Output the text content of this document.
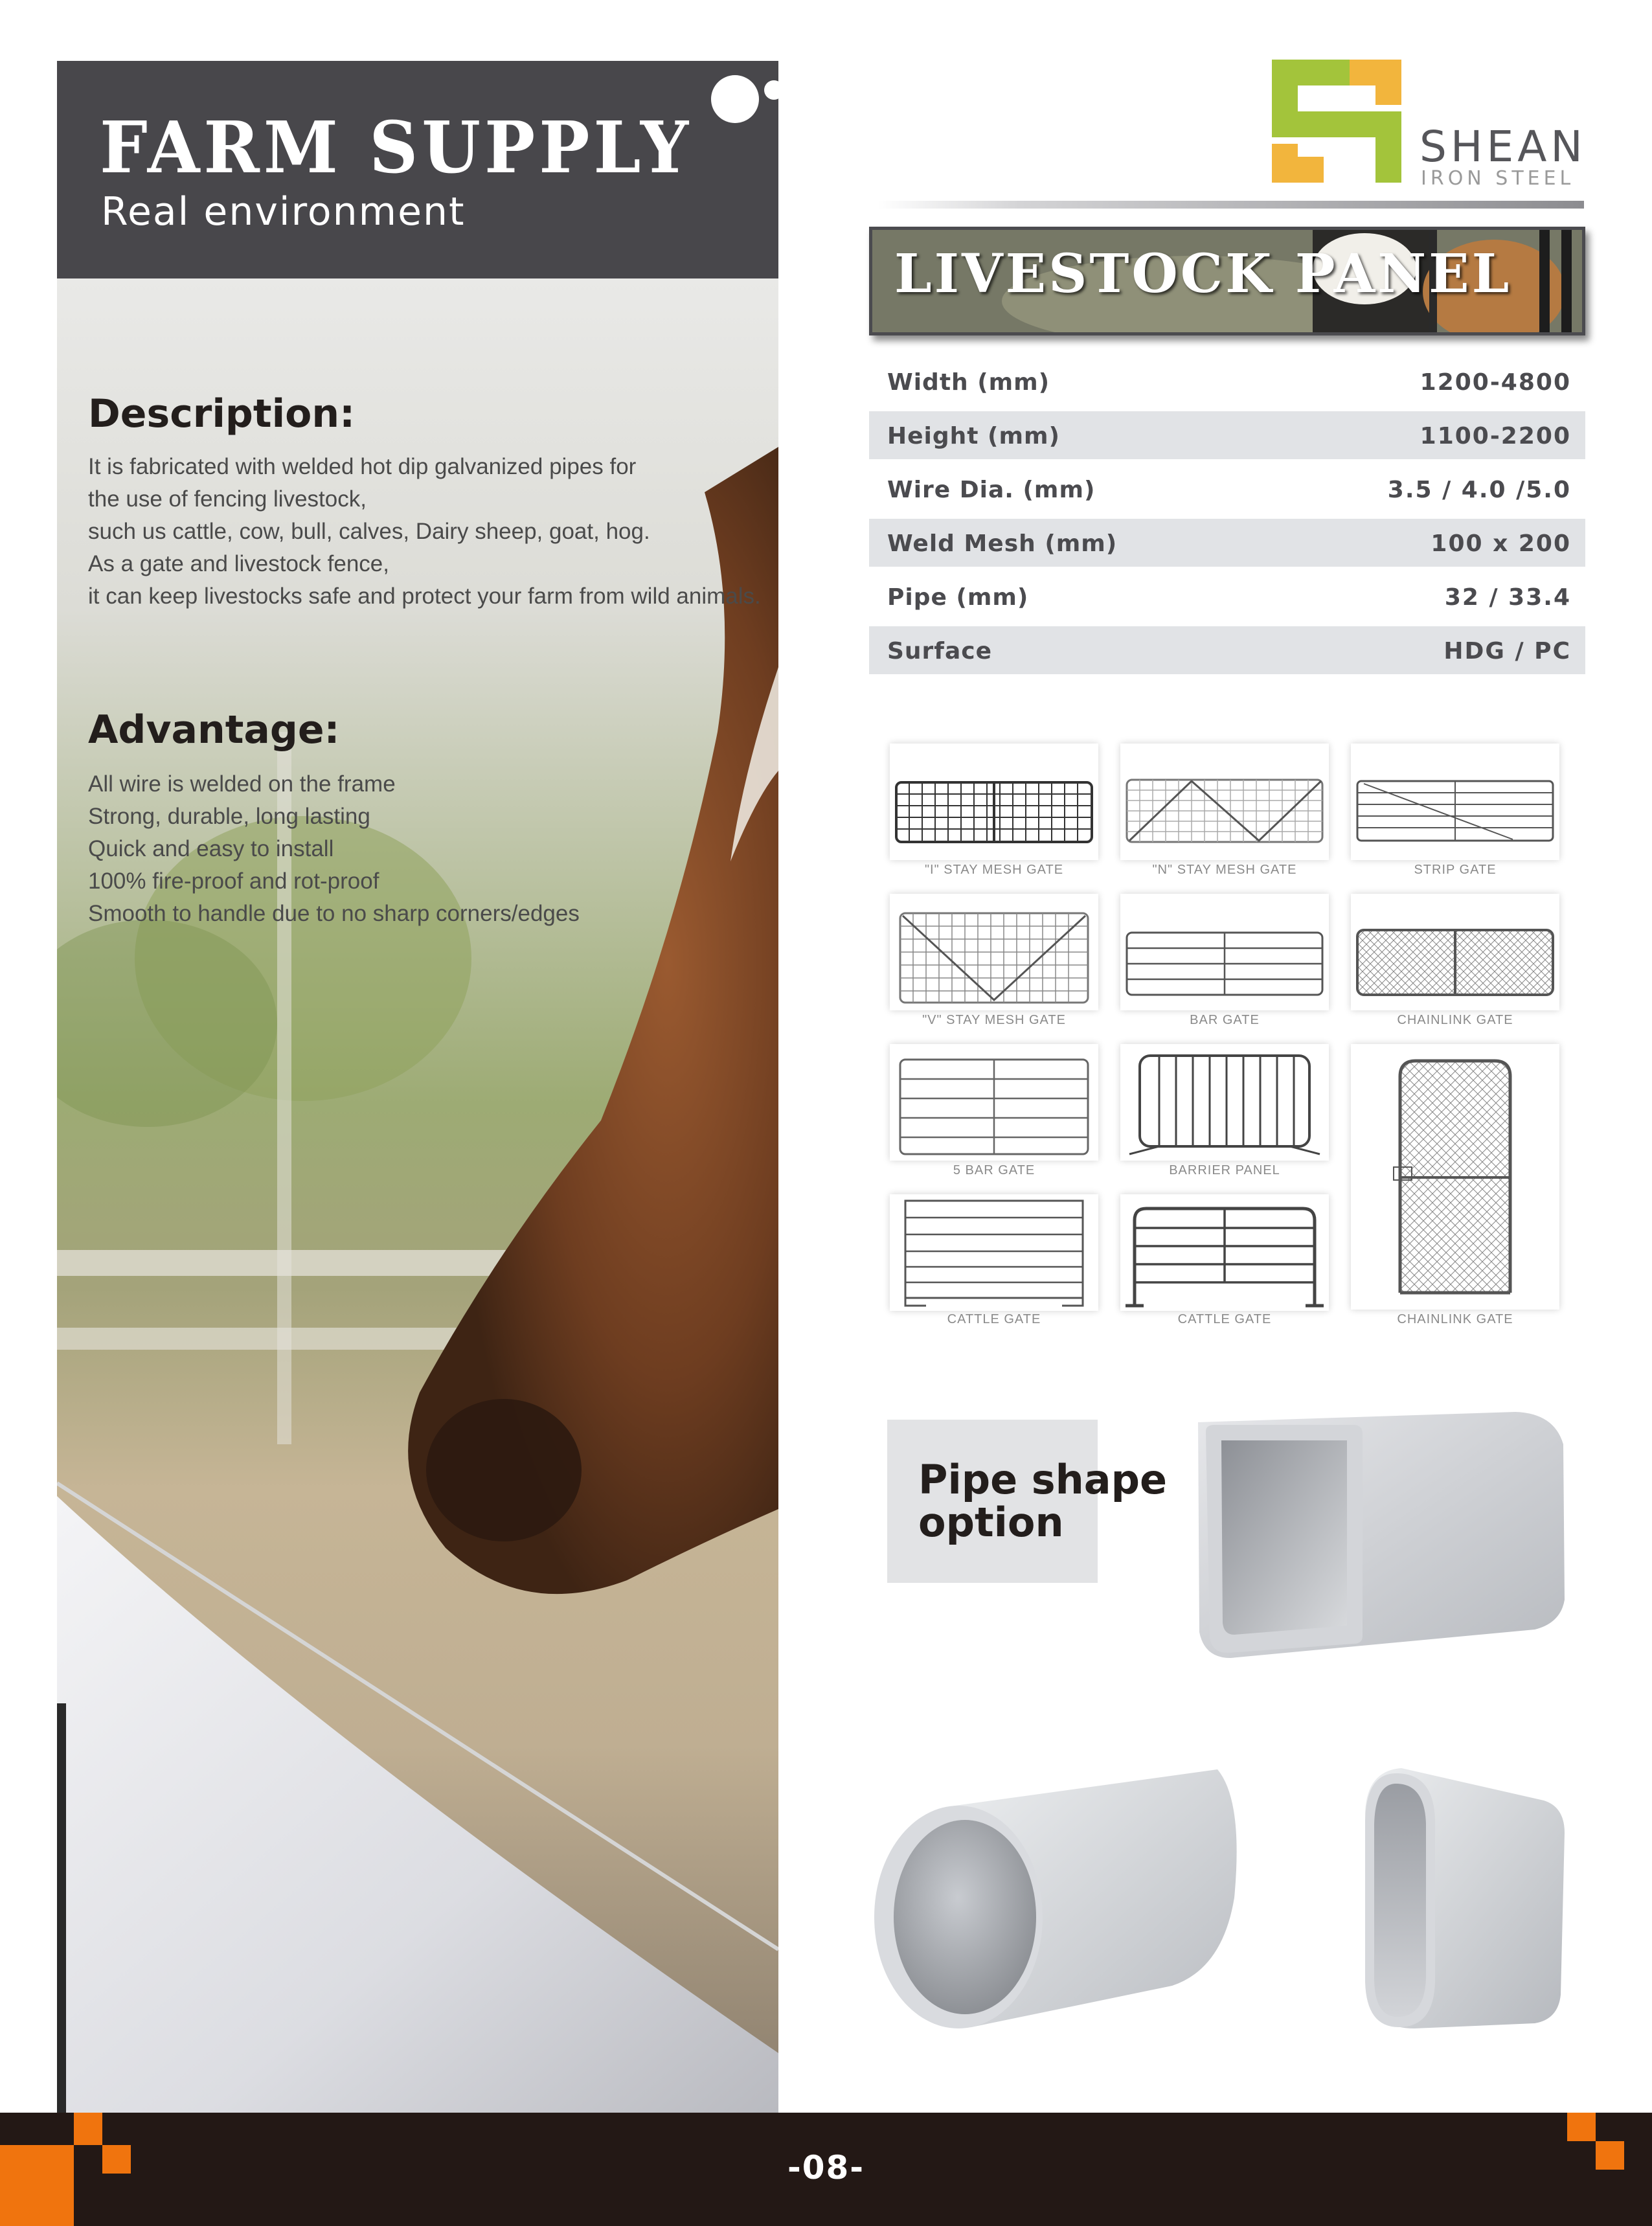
FARM SUPPLY
Real environment
Description:
It is fabricated with welded hot dip galvanized pipes for
the use of fencing livestock,
such us cattle, cow, bull, calves, Dairy sheep, goat, hog.
As a gate and livestock fence,
it can keep livestocks safe and protect your farm from wild animals.
Advantage:
All wire is welded on the frame
Strong, durable, long lasting
Quick and easy to install
100% fire-proof and rot-proof
Smooth to handle due to no sharp corners/edges
SHEAN
IRON STEEL
LIVESTOCK PANEL
Width (mm)	1200-4800
Height (mm)	1100-2200
Wire Dia. (mm)	3.5 / 4.0 /5.0
Weld Mesh (mm)	100 x 200
Pipe (mm)	32 / 33.4
Surface	HDG / PC
"I" STAY MESH GATE	"N" STAY MESH GATE	STRIP GATE
"V" STAY MESH GATE	BAR GATE	CHAINLINK GATE
5 BAR GATE	BARRIER PANEL
CHAINLINK GATE
CATTLE GATE	CATTLE GATE
Pipe shape
option
-08-
